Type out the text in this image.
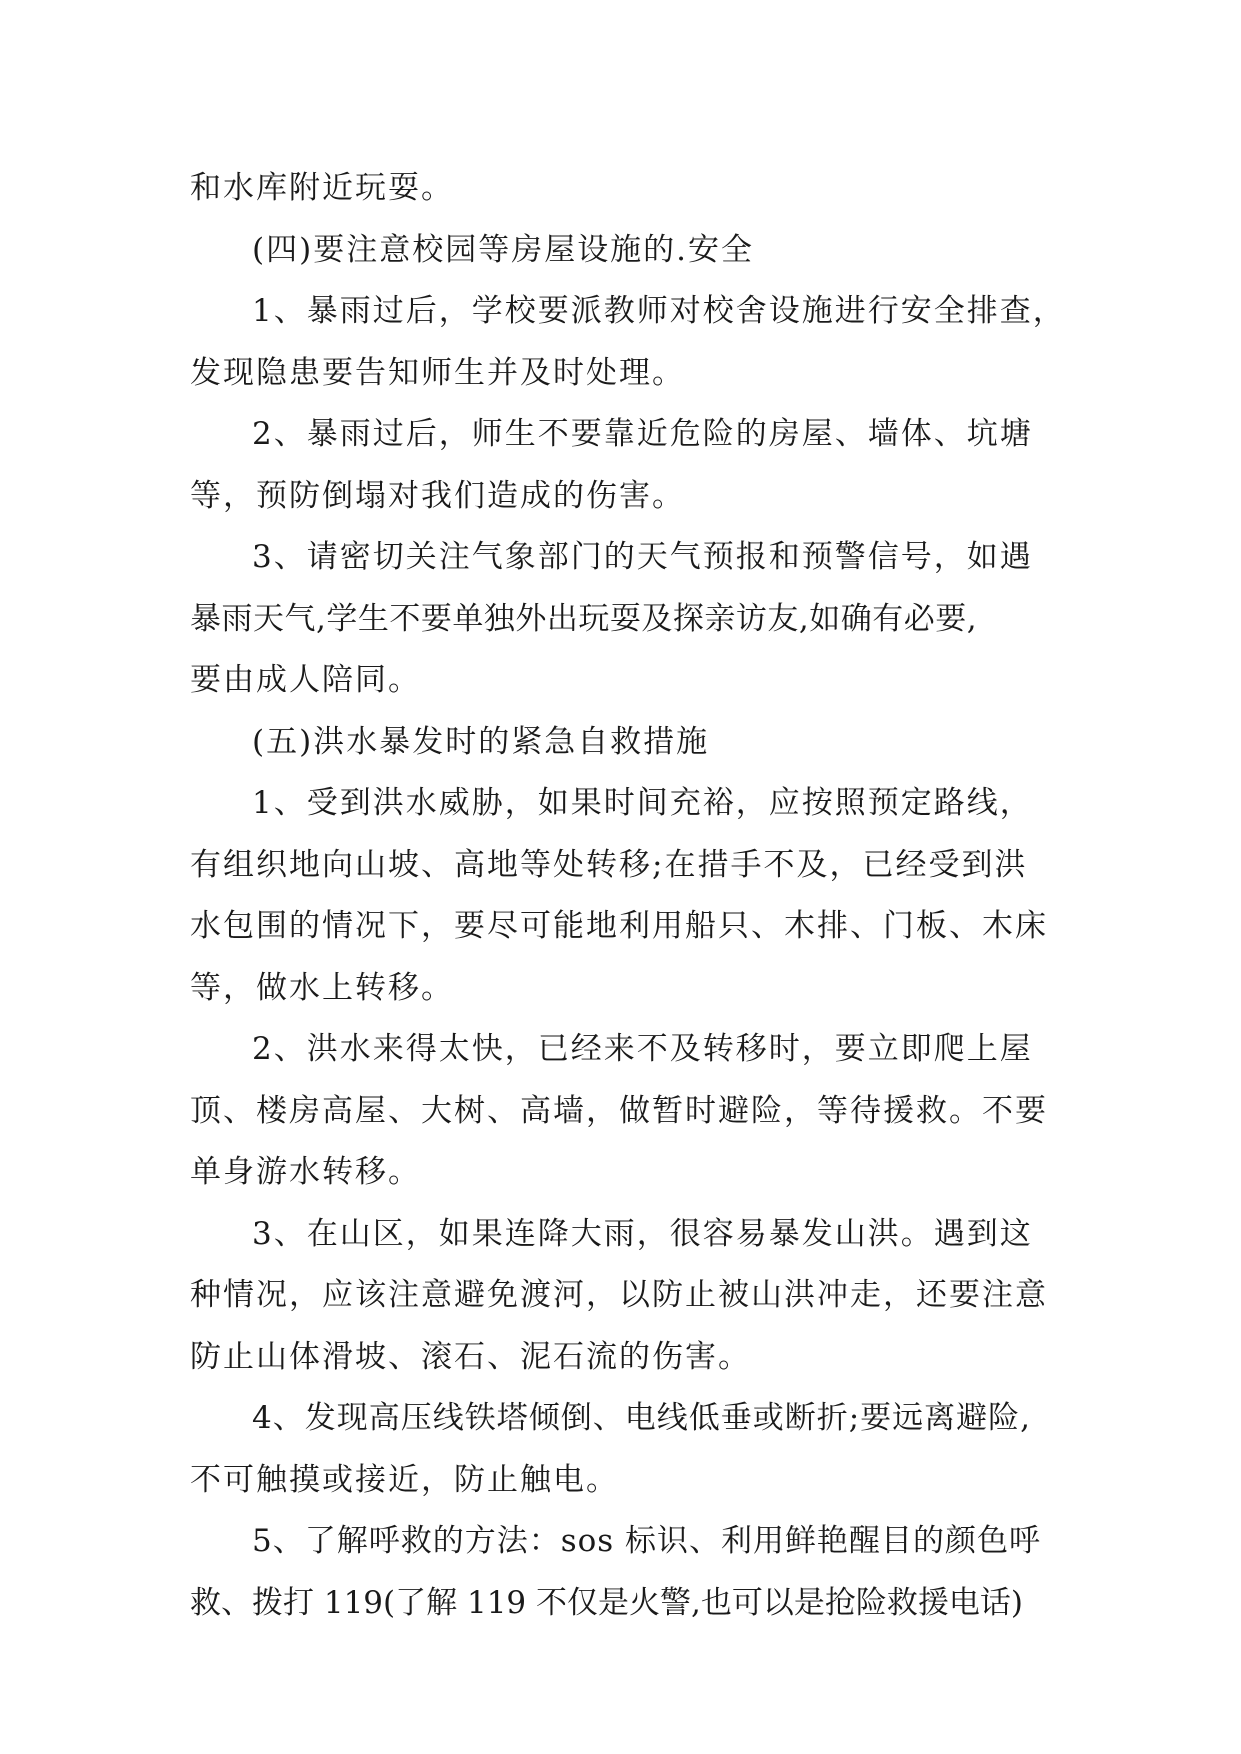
和水库附近玩耍。
(四)要注意校园等房屋设施的.安全
1、暴雨过后，学校要派教师对校舍设施进行安全排查，
发现隐患要告知师生并及时处理。
2、暴雨过后，师生不要靠近危险的房屋、墙体、坑塘
等，预防倒塌对我们造成的伤害。
3、请密切关注气象部门的天气预报和预警信号，如遇
暴雨天气,学生不要单独外出玩耍及探亲访友,如确有必要,
要由成人陪同。
(五)洪水暴发时的紧急自救措施
1、受到洪水威胁，如果时间充裕，应按照预定路线，
有组织地向山坡、高地等处转移;在措手不及，已经受到洪
水包围的情况下，要尽可能地利用船只、木排、门板、木床
等，做水上转移。
2、洪水来得太快，已经来不及转移时，要立即爬上屋
顶、楼房高屋、大树、高墙，做暂时避险，等待援救。不要
单身游水转移。
3、在山区，如果连降大雨，很容易暴发山洪。遇到这
种情况，应该注意避免渡河，以防止被山洪冲走，还要注意
防止山体滑坡、滚石、泥石流的伤害。
4、发现高压线铁塔倾倒、电线低垂或断折;要远离避险,
不可触摸或接近，防止触电。
5、了解呼救的方法：sos 标识、利用鲜艳醒目的颜色呼
救、拨打 119(了解 119 不仅是火警,也可以是抢险救援电话)
